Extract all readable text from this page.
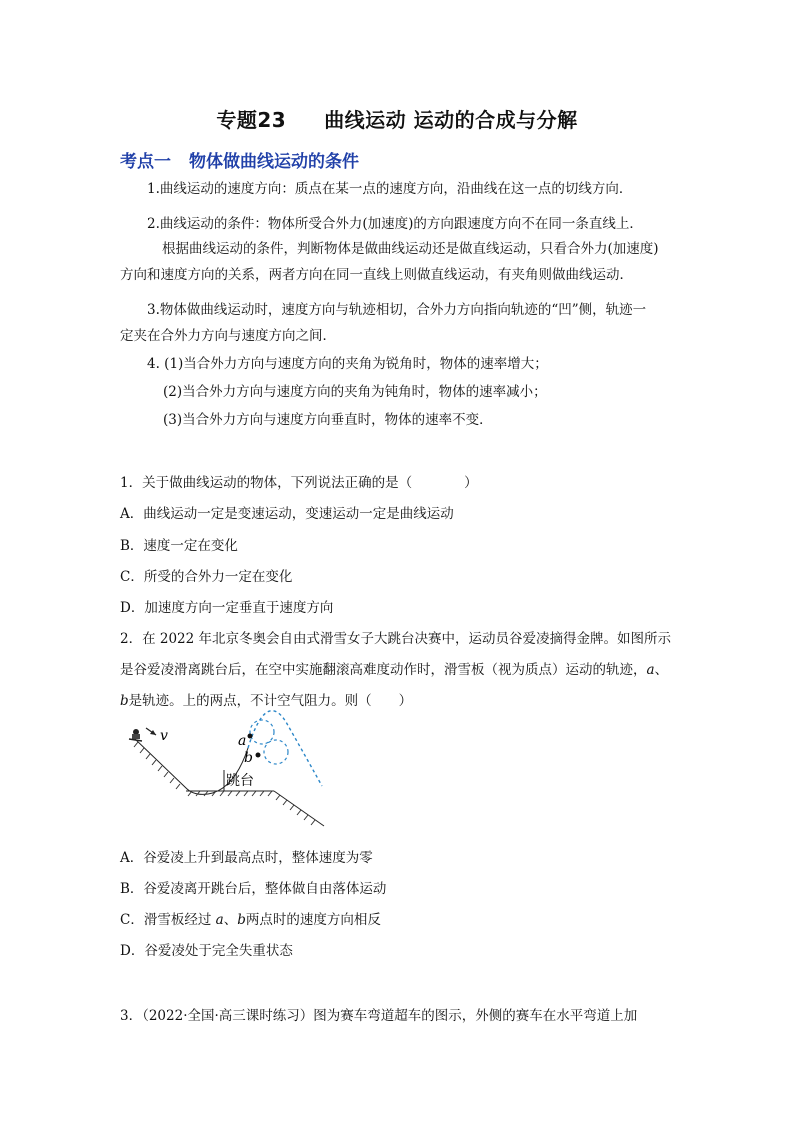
专题23 曲线运动 运动的合成与分解
考点一 物体做曲线运动的条件
1.曲线运动的速度方向：质点在某一点的速度方向，沿曲线在这一点的切线方向．
2.曲线运动的条件：物体所受合外力(加速度)的方向跟速度方向不在同一条直线上．
根据曲线运动的条件，判断物体是做曲线运动还是做直线运动，只看合外力(加速度)
方向和速度方向的关系，两者方向在同一直线上则做直线运动，有夹角则做曲线运动．
3.物体做曲线运动时，速度方向与轨迹相切，合外力方向指向轨迹的“凹”侧，轨迹一
定夹在合外力方向与速度方向之间．
4. (1)当合外力方向与速度方向的夹角为锐角时，物体的速率增大；
(2)当合外力方向与速度方向的夹角为钝角时，物体的速率减小；
(3)当合外力方向与速度方向垂直时，物体的速率不变．
1．关于做曲线运动的物体，下列说法正确的是（	）
A．曲线运动一定是变速运动，变速运动一定是曲线运动
B．速度一定在变化
C．所受的合外力一定在变化
D．加速度方向一定垂直于速度方向
2．在 2022 年北京冬奥会自由式滑雪女子大跳台决赛中，运动员谷爱凌摘得金牌。如图所示
是谷爱凌滑离跳台后，在空中实施翻滚高难度动作时，滑雪板（视为质点）运动的轨迹，a、
b是轨迹。上的两点，不计空气阻力。则（　　）
v	a
b
跳台
A．谷爱凌上升到最高点时，整体速度为零
B．谷爱凌离开跳台后，整体做自由落体运动
C．滑雪板经过 a、b两点时的速度方向相反
D．谷爱凌处于完全失重状态
3．（2022·全国·高三课时练习）图为赛车弯道超车的图示，外侧的赛车在水平弯道上加
